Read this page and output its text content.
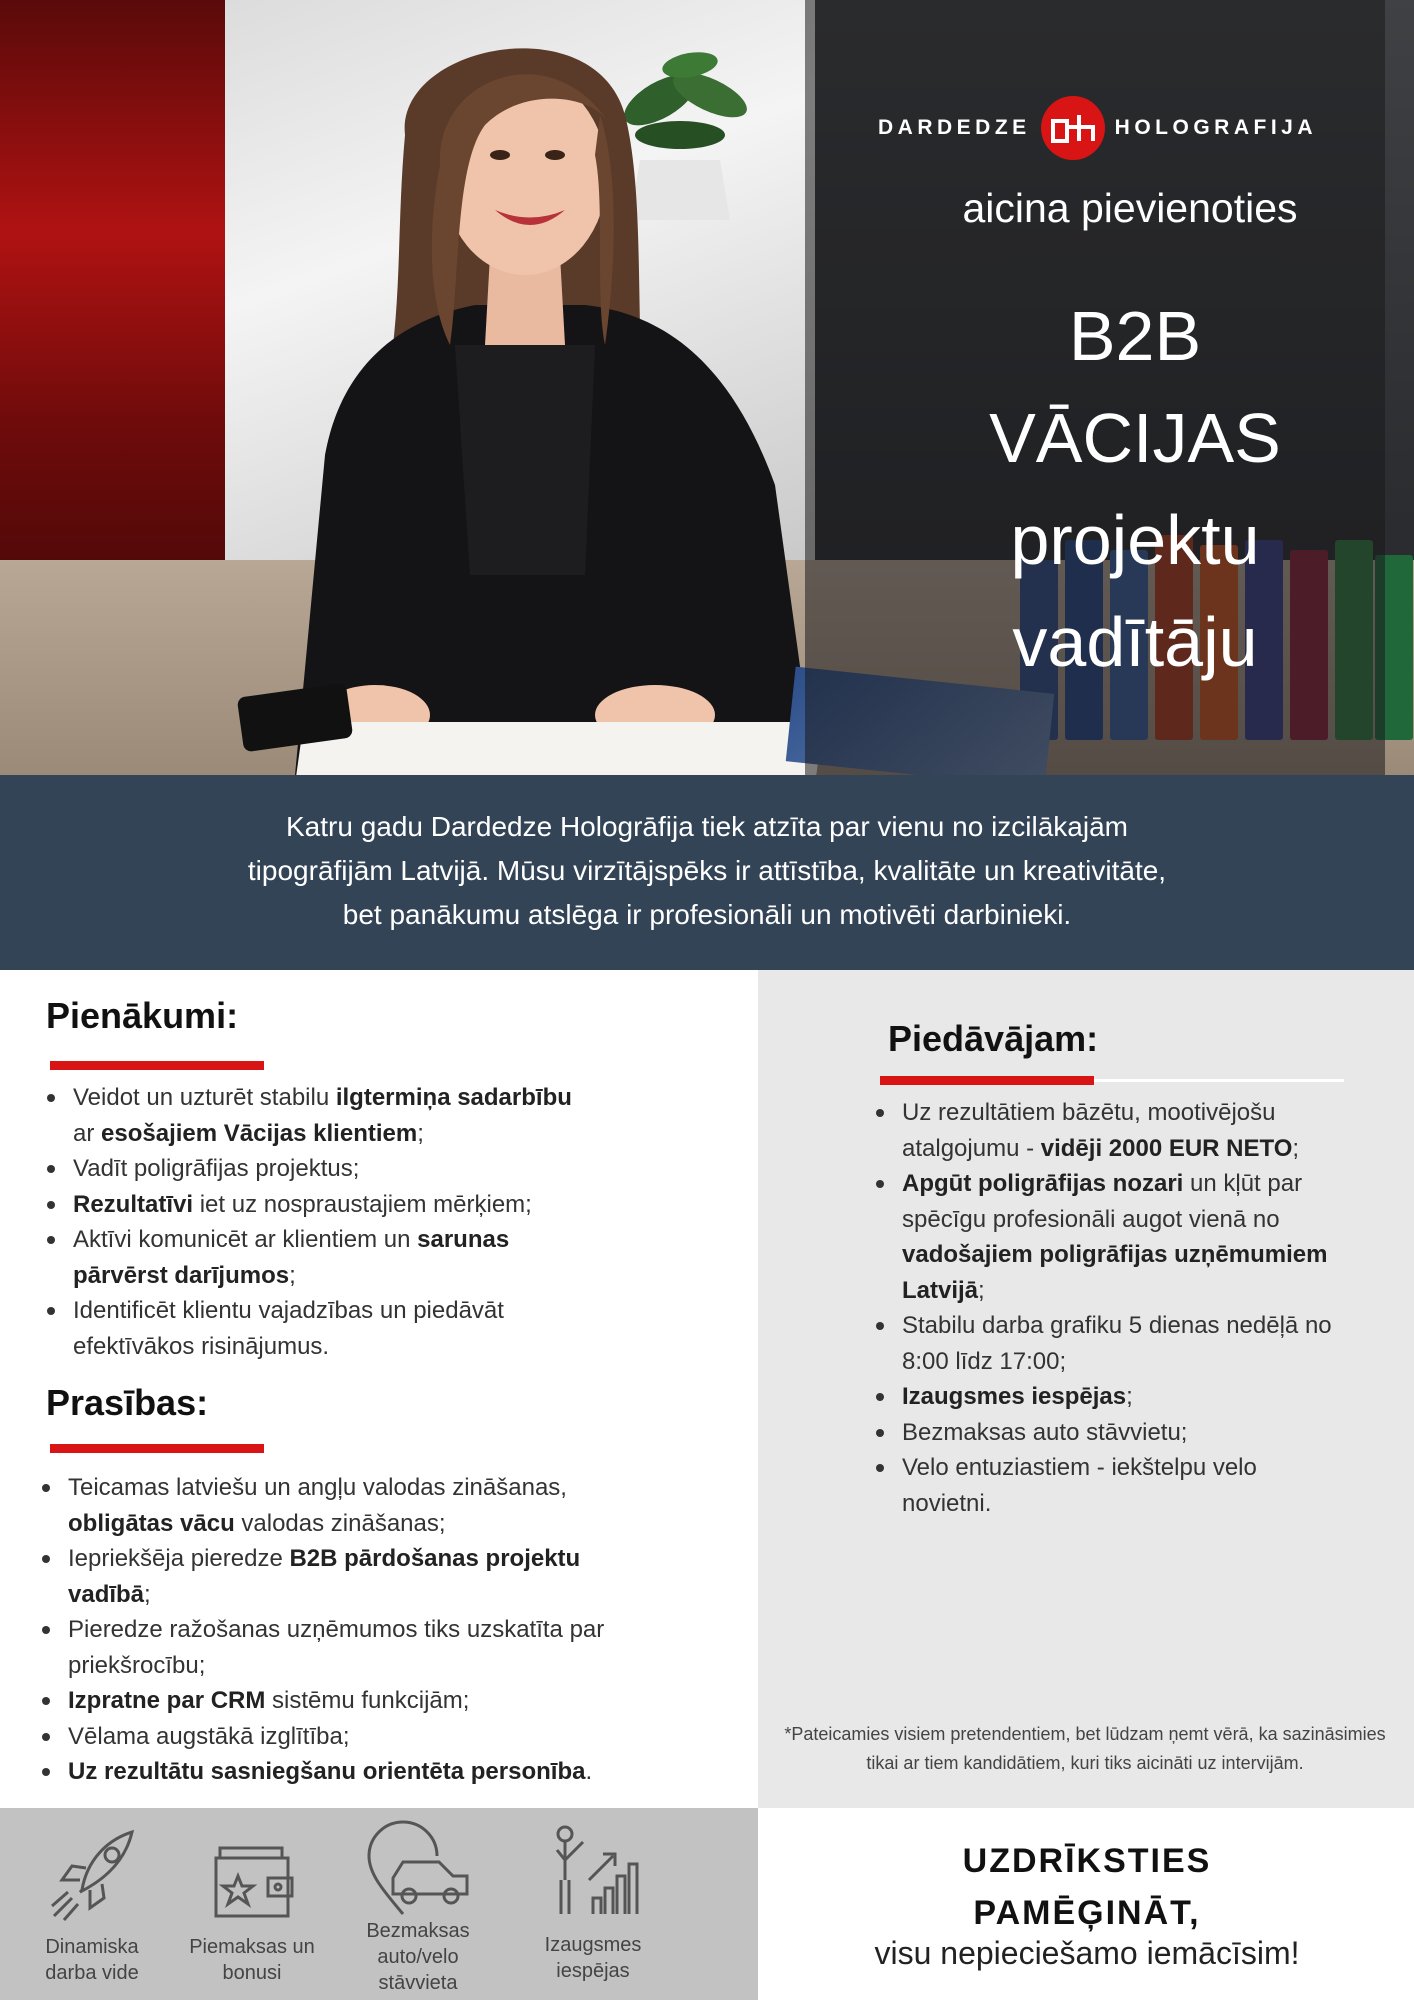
DARDEDZE	HOLOGRAFIJA
aicina pievienoties
B2B
VĀCIJAS
projektu
vadītāju
Katru gadu Dardedze Hologrāfija tiek atzīta par vienu no izcilākajām
tipogrāfijām Latvijā. Mūsu virzītājspēks ir attīstība, kvalitāte un kreativitāte,
bet panākumu atslēga ir profesionāli un motivēti darbinieki.
Pienākumi:
Veidot un uzturēt stabilu ilgtermiņa sadarbību ar esošajiem Vācijas klientiem;
Vadīt poligrāfijas projektus;
Rezultatīvi iet uz nospraustajiem mērķiem;
Aktīvi komunicēt ar klientiem un sarunas pārvērst darījumos;
Identificēt klientu vajadzības un piedāvāt efektīvākos risinājumus.
Prasības:
Teicamas latviešu un angļu valodas zināšanas, obligātas vācu valodas zināšanas;
Iepriekšēja pieredze B2B pārdošanas projektu vadībā;
Pieredze ražošanas uzņēmumos tiks uzskatīta par priekšrocību;
Izpratne par CRM sistēmu funkcijām;
Vēlama augstākā izglītība;
Uz rezultātu sasniegšanu orientēta personība.
Piedāvājam:
Uz rezultātiem bāzētu, mootivējošu atalgojumu - vidēji 2000 EUR NETO;
Apgūt poligrāfijas nozari un kļūt par spēcīgu profesionāli augot vienā no vadošajiem poligrāfijas uzņēmumiem Latvijā;
Stabilu darba grafiku 5 dienas nedēļā no 8:00 līdz 17:00;
Izaugsmes iespējas;
Bezmaksas auto stāvvietu;
Velo entuziastiem - iekštelpu velo novietni.
*Pateicamies visiem pretendentiem, bet lūdzam ņemt vērā, ka sazināsimies tikai ar tiem kandidātiem, kuri tiks aicināti uz intervijām.
Dinamiska darba vide
Piemaksas un bonusi
Bezmaksas auto/velo stāvvieta
Izaugsmes iespējas
UZDRĪKSTIES
PAMĒĢINĀT,
visu nepieciešamo iemācīsim!
